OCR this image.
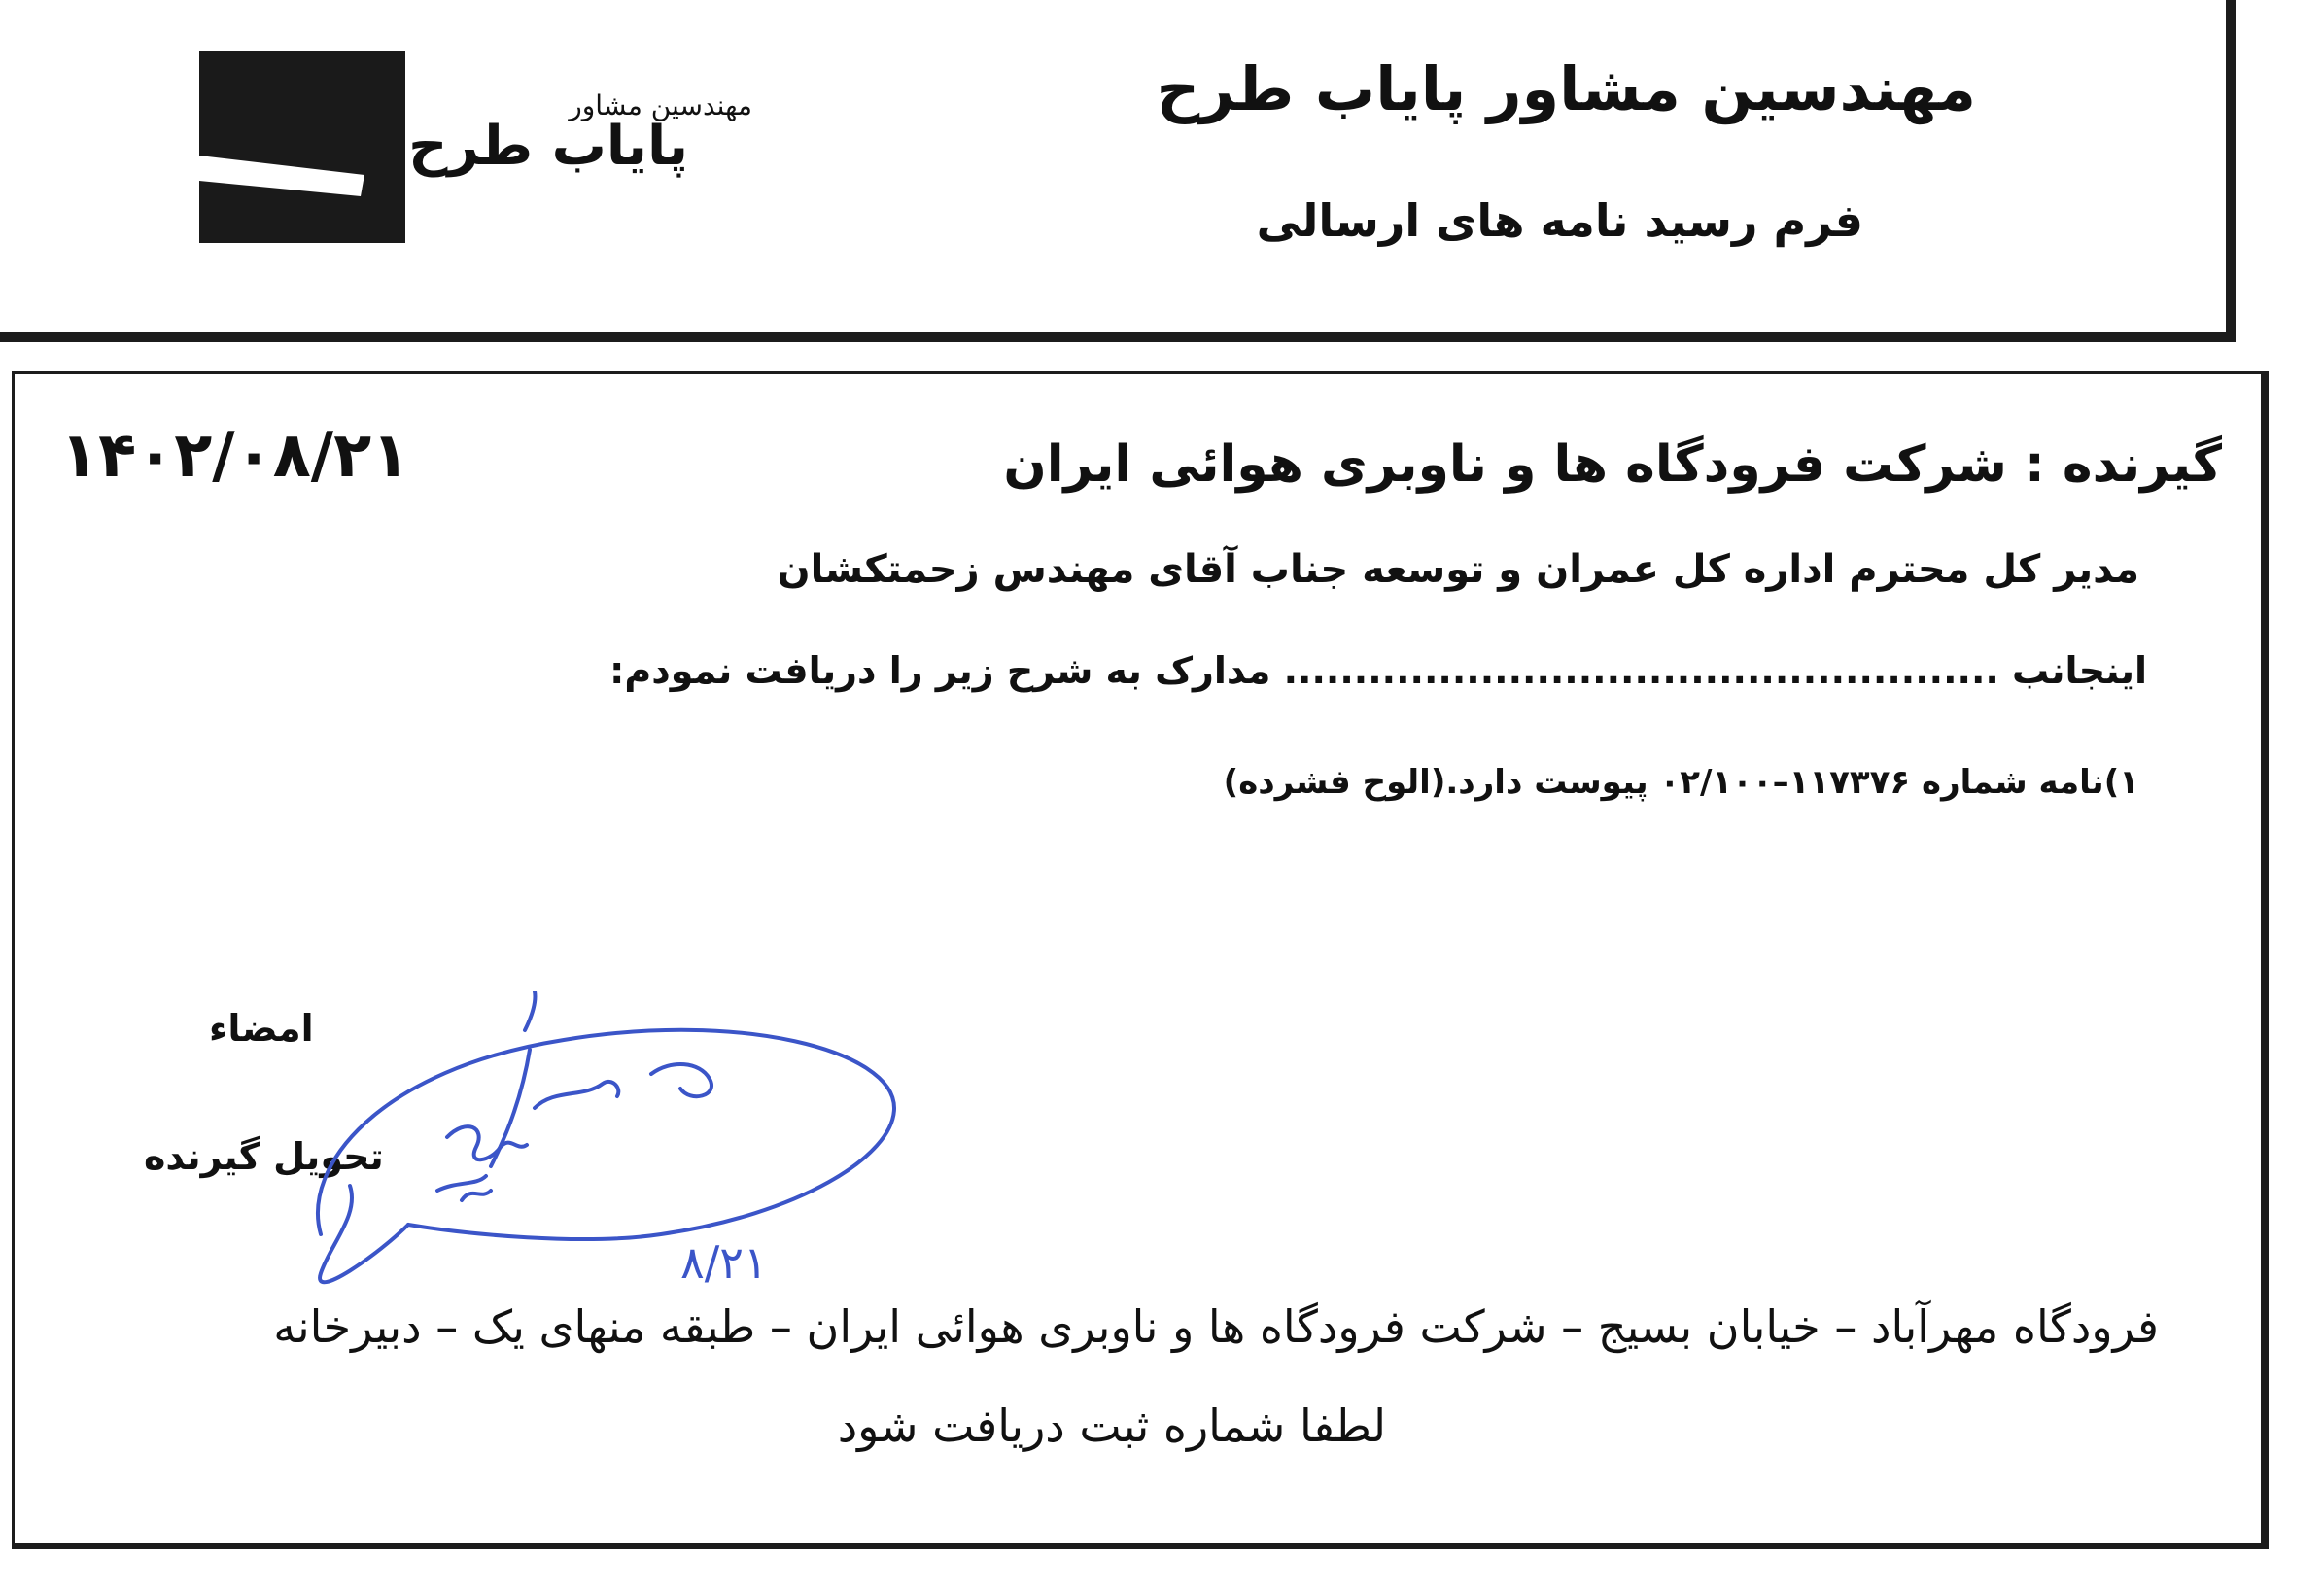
مهندسین مشاور پایاب طرح
فرم رسید نامه های ارسالی
مهندسین مشاور
پایاب طرح
گیرنده : شرکت فرودگاه ها و ناوبری هوائی ایران
۱۴۰۲/۰۸/۲۱
مدیر کل محترم اداره کل عمران و توسعه جناب آقای مهندس زحمتکشان
اینجانب ................................................... مدارک به شرح زیر را دریافت نمودم:
۱)نامه شماره ۱۱۷۳۷۶–۰۲/۱۰۰ پیوست دارد.(الوح فشرده)
امضاء
تحویل گیرنده
۸/۲۱
فرودگاه مهرآباد – خیابان بسیج – شرکت فرودگاه ها و ناوبری هوائی ایران – طبقه منهای یک – دبیرخانه
لطفا شماره ثبت دریافت شود
